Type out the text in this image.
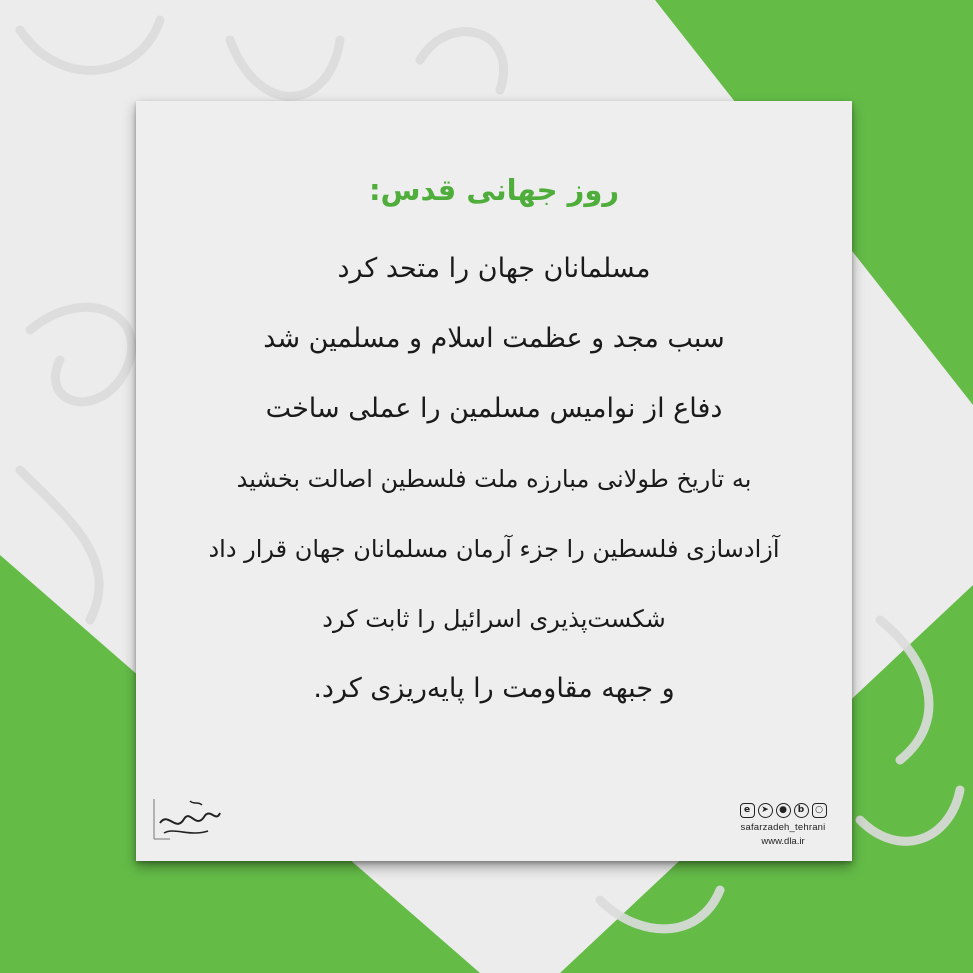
روز جهانی قدس:
مسلمانان جهان را متحد کرد
سبب مجد و عظمت اسلام و مسلمین شد
دفاع از نوامیس مسلمین را عملی ساخت
به تاریخ طولانی مبارزه ملت فلسطین اصالت بخشید
آزادسازی فلسطین را جزء آرمان مسلمانان جهان قرار داد
شکست‌پذیری اسرائیل را ثابت کرد
و جبهه مقاومت را پایه‌ریزی کرد.
e	➤	●	b	○
safarzadeh_tehrani
www.dla.ir
